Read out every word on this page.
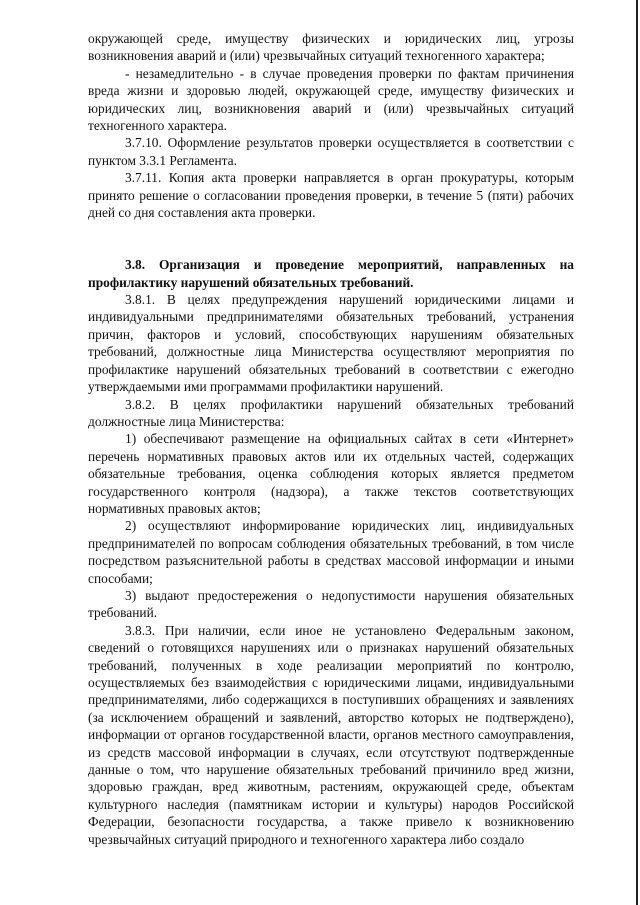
окружающей среде, имуществу физических и юридических лиц, угрозы возникновения аварий и (или) чрезвычайных ситуаций техногенного характера;

- незамедлительно - в случае проведения проверки по фактам причинения вреда жизни и здоровью людей, окружающей среде, имуществу физических и юридических лиц, возникновения аварий и (или) чрезвычайных ситуаций техногенного характера.

3.7.10. Оформление результатов проверки осуществляется в соответствии с пунктом 3.3.1 Регламента.

3.7.11. Копия акта проверки направляется в орган прокуратуры, которым принято решение о согласовании проведения проверки, в течение 5 (пяти) рабочих дней со дня составления акта проверки.

3.8. Организация и проведение мероприятий, направленных на профилактику нарушений обязательных требований.

3.8.1. В целях предупреждения нарушений юридическими лицами и индивидуальными предпринимателями обязательных требований, устранения причин, факторов и условий, способствующих нарушениям обязательных требований, должностные лица Министерства осуществляют мероприятия по профилактике нарушений обязательных требований в соответствии с ежегодно утверждаемыми ими программами профилактики нарушений.

3.8.2. В целях профилактики нарушений обязательных требований должностные лица Министерства:

1) обеспечивают размещение на официальных сайтах в сети «Интернет» перечень нормативных правовых актов или их отдельных частей, содержащих обязательные требования, оценка соблюдения которых является предметом государственного контроля (надзора), а также текстов соответствующих нормативных правовых актов;

2) осуществляют информирование юридических лиц, индивидуальных предпринимателей по вопросам соблюдения обязательных требований, в том числе посредством разъяснительной работы в средствах массовой информации и иными способами;

3) выдают предостережения о недопустимости нарушения обязательных требований.

3.8.3. При наличии, если иное не установлено Федеральным законом, сведений о готовящихся нарушениях или о признаках нарушений обязательных требований, полученных в ходе реализации мероприятий по контролю, осуществляемых без взаимодействия с юридическими лицами, индивидуальными предпринимателями, либо содержащихся в поступивших обращениях и заявлениях (за исключением обращений и заявлений, авторство которых не подтверждено), информации от органов государственной власти, органов местного самоуправления, из средств массовой информации в случаях, если отсутствуют подтвержденные данные о том, что нарушение обязательных требований причинило вред жизни, здоровью граждан, вред животным, растениям, окружающей среде, объектам культурного наследия (памятникам истории и культуры) народов Российской Федерации, безопасности государства, а также привело к возникновению чрезвычайных ситуаций природного и техногенного характера либо создало
